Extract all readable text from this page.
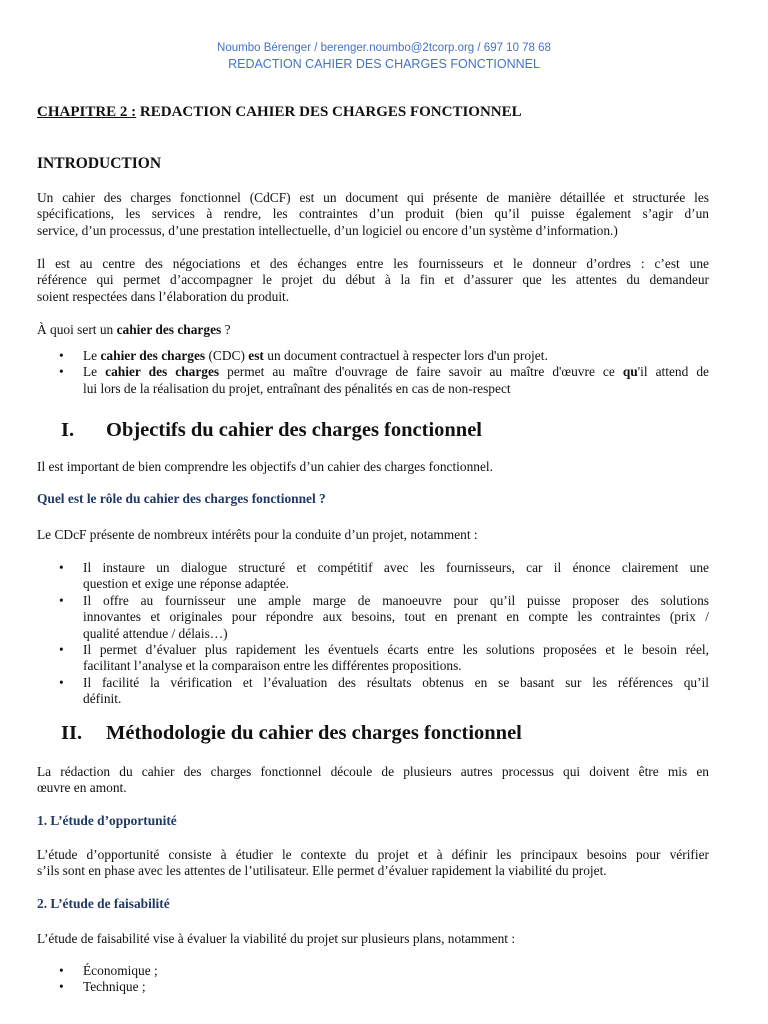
Noumbo Bérenger / berenger.noumbo@2tcorp.org / 697 10 78 68
REDACTION CAHIER DES CHARGES FONCTIONNEL
CHAPITRE 2 : REDACTION CAHIER DES CHARGES FONCTIONNEL
INTRODUCTION
Un cahier des charges fonctionnel (CdCF) est un document qui présente de manière détaillée et structurée les
spécifications, les services à rendre, les contraintes d’un produit (bien qu’il puisse également s’agir d’un
service, d’un processus, d’une prestation intellectuelle, d’un logiciel ou encore d’un système d’information.)
Il est au centre des négociations et des échanges entre les fournisseurs et le donneur d’ordres : c’est une
référence qui permet d’accompagner le projet du début à la fin et d’assurer que les attentes du demandeur
soient respectées dans l’élaboration du produit.
À quoi sert un cahier des charges ?
• Le cahier des charges (CDC) est un document contractuel à respecter lors d'un projet.
• Le cahier des charges permet au maître d'ouvrage de faire savoir au maître d'œuvre ce qu'il attend de
lui lors de la réalisation du projet, entraînant des pénalités en cas de non-respect
I. Objectifs du cahier des charges fonctionnel
Il est important de bien comprendre les objectifs d’un cahier des charges fonctionnel.
Quel est le rôle du cahier des charges fonctionnel ?
Le CDcF présente de nombreux intérêts pour la conduite d’un projet, notamment :
• Il instaure un dialogue structuré et compétitif avec les fournisseurs, car il énonce clairement une
question et exige une réponse adaptée.
• Il offre au fournisseur une ample marge de manoeuvre pour qu’il puisse proposer des solutions
innovantes et originales pour répondre aux besoins, tout en prenant en compte les contraintes (prix /
qualité attendue / délais…)
• Il permet d’évaluer plus rapidement les éventuels écarts entre les solutions proposées et le besoin réel,
facilitant l’analyse et la comparaison entre les différentes propositions.
• Il facilité la vérification et l’évaluation des résultats obtenus en se basant sur les références qu’il
définit.
II. Méthodologie du cahier des charges fonctionnel
La rédaction du cahier des charges fonctionnel découle de plusieurs autres processus qui doivent être mis en
œuvre en amont.
1. L’étude d’opportunité
L’étude d’opportunité consiste à étudier le contexte du projet et à définir les principaux besoins pour vérifier
s’ils sont en phase avec les attentes de l’utilisateur. Elle permet d’évaluer rapidement la viabilité du projet.
2. L’étude de faisabilité
L’étude de faisabilité vise à évaluer la viabilité du projet sur plusieurs plans, notamment :
• Économique ;
• Technique ;
